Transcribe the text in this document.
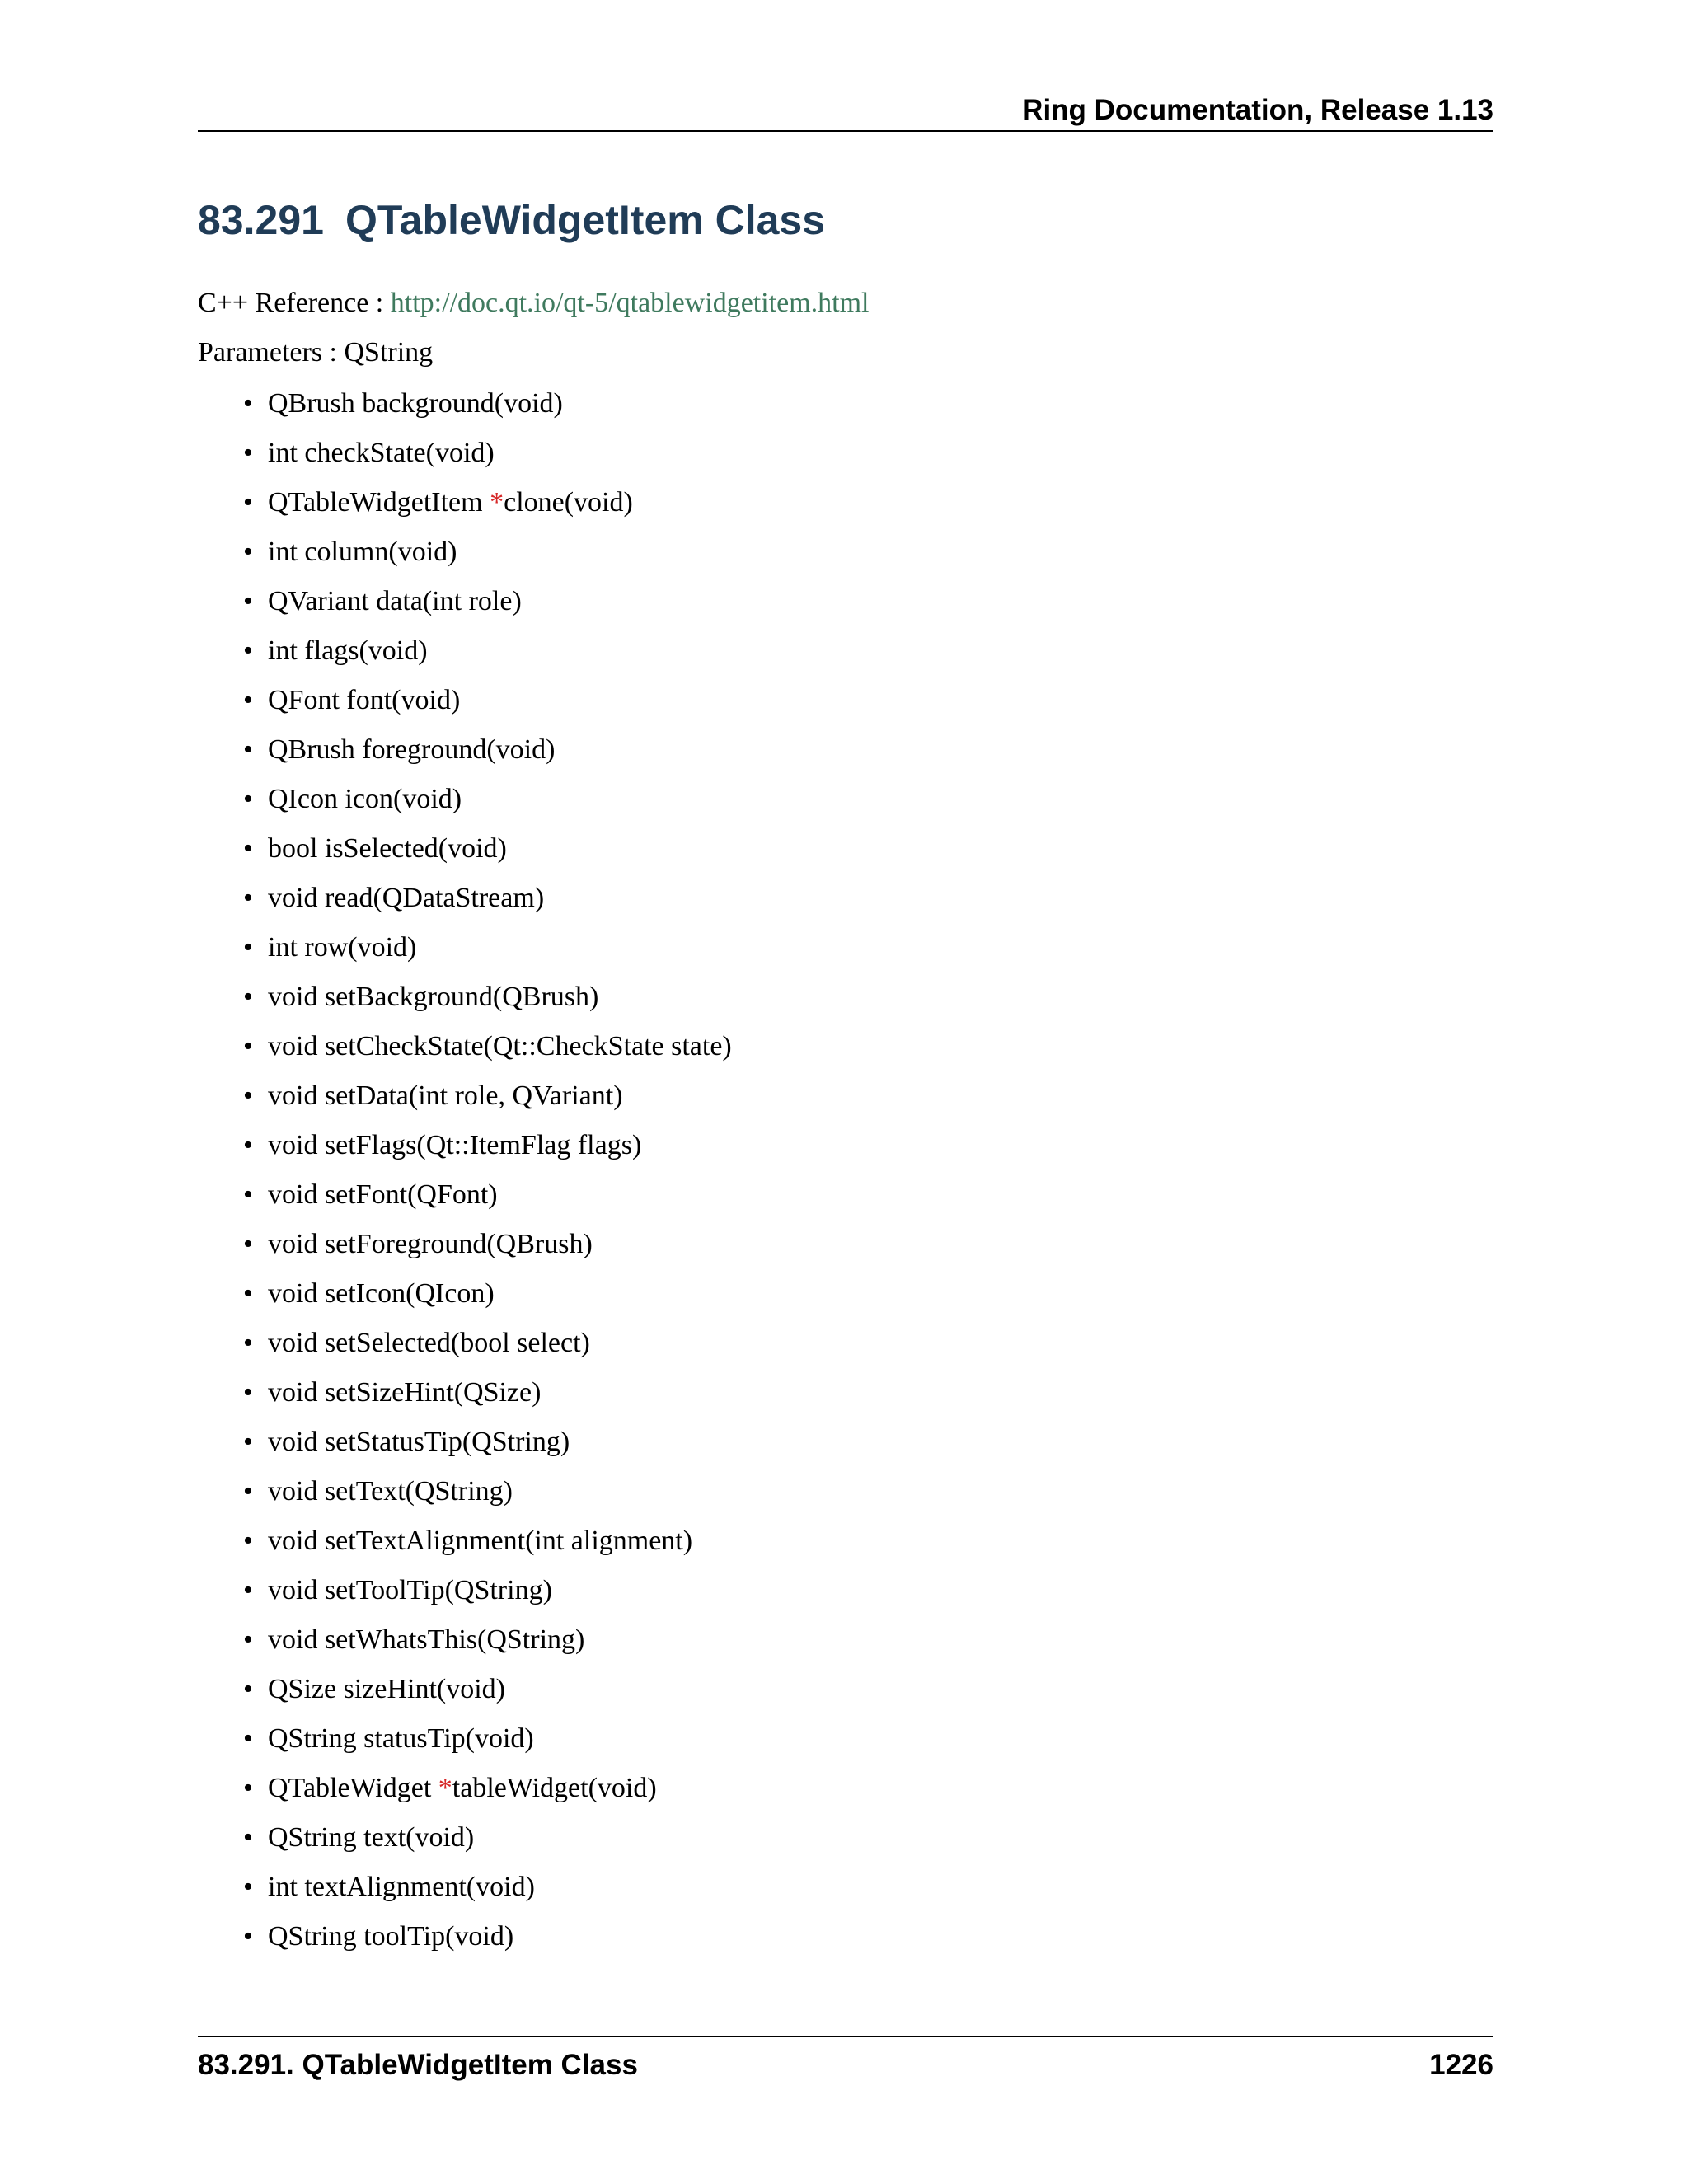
Ring Documentation, Release 1.13
83.291 QTableWidgetItem Class
C++ Reference : http://doc.qt.io/qt-5/qtablewidgetitem.html
Parameters : QString
• QBrush background(void)
• int checkState(void)
• QTableWidgetItem *clone(void)
• int column(void)
• QVariant data(int role)
• int flags(void)
• QFont font(void)
• QBrush foreground(void)
• QIcon icon(void)
• bool isSelected(void)
• void read(QDataStream)
• int row(void)
• void setBackground(QBrush)
• void setCheckState(Qt::CheckState state)
• void setData(int role, QVariant)
• void setFlags(Qt::ItemFlag flags)
• void setFont(QFont)
• void setForeground(QBrush)
• void setIcon(QIcon)
• void setSelected(bool select)
• void setSizeHint(QSize)
• void setStatusTip(QString)
• void setText(QString)
• void setTextAlignment(int alignment)
• void setToolTip(QString)
• void setWhatsThis(QString)
• QSize sizeHint(void)
• QString statusTip(void)
• QTableWidget *tableWidget(void)
• QString text(void)
• int textAlignment(void)
• QString toolTip(void)
83.291. QTableWidgetItem Class	1226
